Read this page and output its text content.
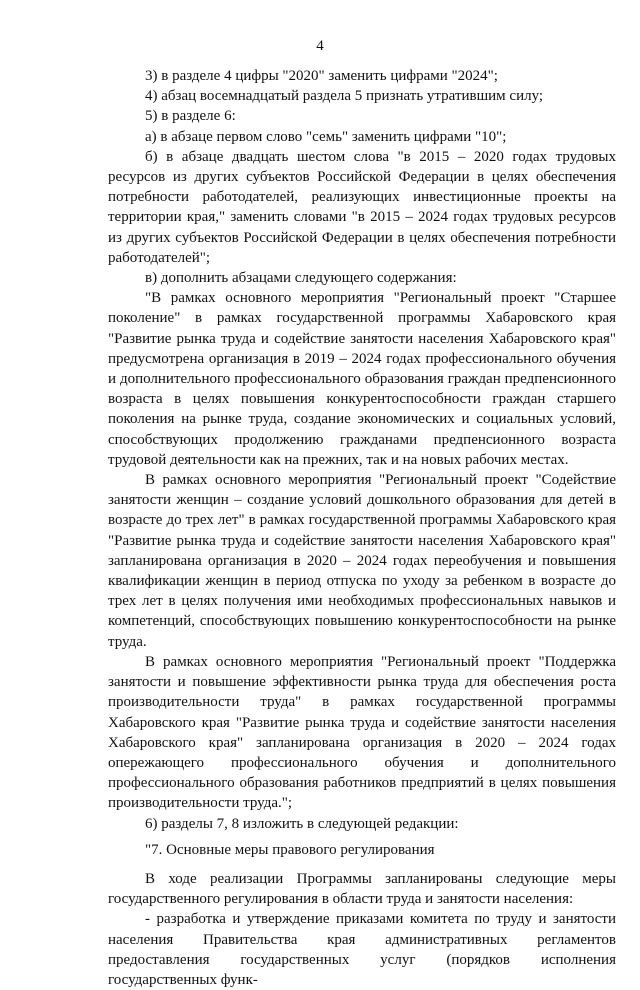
4

3) в разделе 4 цифры "2020" заменить цифрами "2024";

4) абзац восемнадцатый раздела 5 признать утратившим силу;

5) в разделе 6:

а) в абзаце первом слово "семь" заменить цифрами "10";

б) в абзаце двадцать шестом слова "в 2015 – 2020 годах трудовых ресурсов из других субъектов Российской Федерации в целях обеспечения потребности работодателей, реализующих инвестиционные проекты на территории края," заменить словами "в 2015 – 2024 годах трудовых ресурсов из других субъектов Российской Федерации в целях обеспечения потребности работодателей";

в) дополнить абзацами следующего содержания:

"В рамках основного мероприятия "Региональный проект "Старшее поколение" в рамках государственной программы Хабаровского края "Развитие рынка труда и содействие занятости населения Хабаровского края" предусмотрена организация в 2019 – 2024 годах профессионального обучения и дополнительного профессионального образования граждан предпенсионного возраста в целях повышения конкурентоспособности граждан старшего поколения на рынке труда, создание экономических и социальных условий, способствующих продолжению гражданами предпенсионного возраста трудовой деятельности как на прежних, так и на новых рабочих местах.

В рамках основного мероприятия "Региональный проект "Содействие занятости женщин – создание условий дошкольного образования для детей в возрасте до трех лет" в рамках государственной программы Хабаровского края "Развитие рынка труда и содействие занятости населения Хабаровского края" запланирована организация в 2020 – 2024 годах переобучения и повышения квалификации женщин в период отпуска по уходу за ребенком в возрасте до трех лет в целях получения ими необходимых профессиональных навыков и компетенций, способствующих повышению конкурентоспособности на рынке труда.

В рамках основного мероприятия "Региональный проект "Поддержка занятости и повышение эффективности рынка труда для обеспечения роста производительности труда" в рамках государственной программы Хабаровского края "Развитие рынка труда и содействие занятости населения Хабаровского края" запланирована организация в 2020 – 2024 годах опережающего профессионального обучения и дополнительного профессионального образования работников предприятий в целях повышения производительности труда.";

6) разделы 7, 8 изложить в следующей редакции:

"7. Основные меры правового регулирования

В ходе реализации Программы запланированы следующие меры государственного регулирования в области труда и занятости населения:

- разработка и утверждение приказами комитета по труду и занятости населения Правительства края административных регламентов предоставления государственных услуг (порядков исполнения государственных функ-
